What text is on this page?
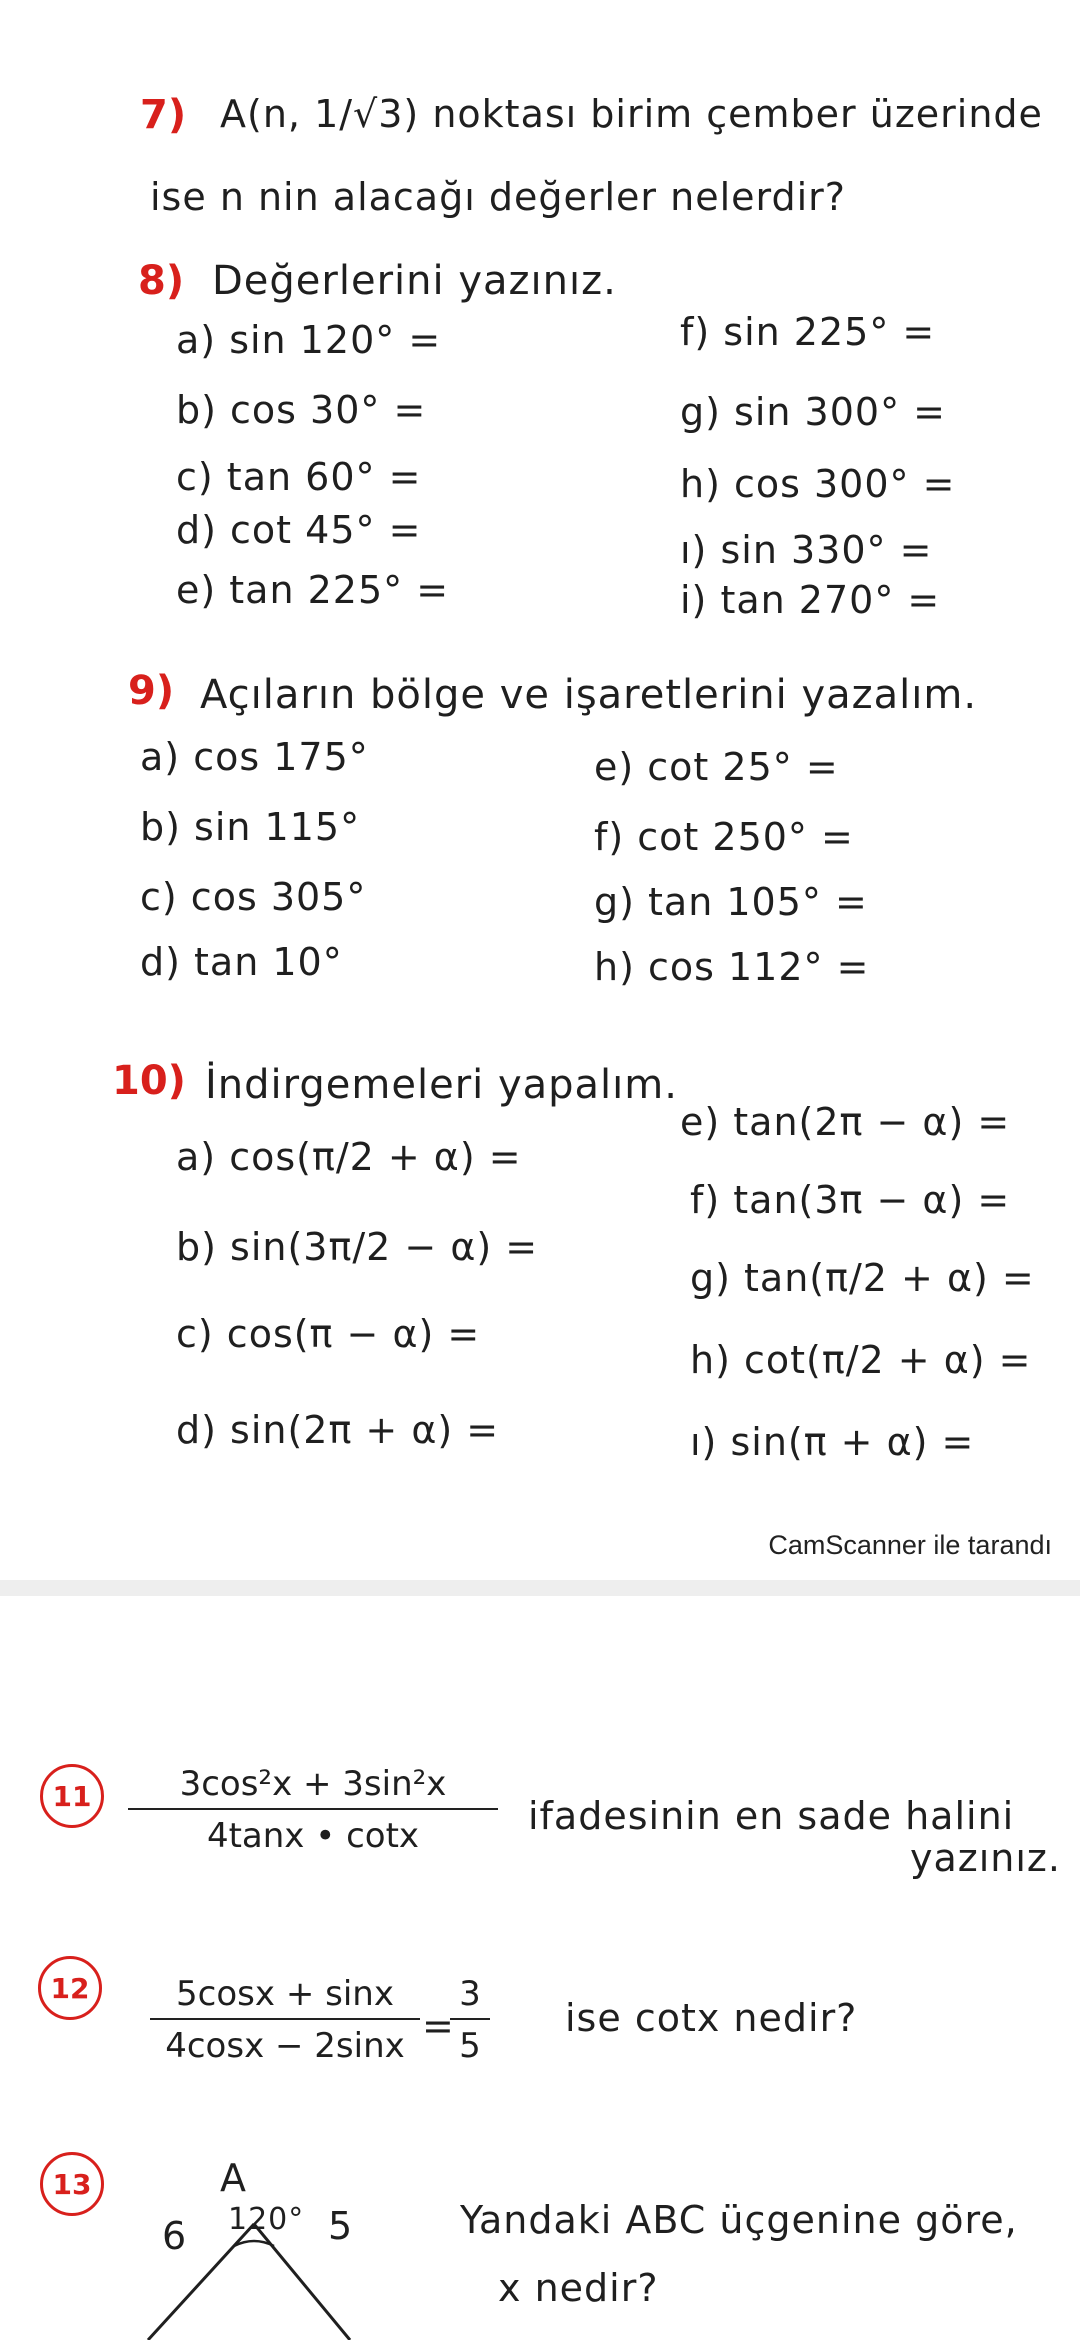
7) A(n, 1/√3) noktası birim çember üzerinde
ise n nin alacağı değerler nelerdir?
8) Değerlerini yazınız.
a) sin 120° =
b) cos 30° =
c) tan 60° =
d) cot 45° =
e) tan 225° =
f) sin 225° =
g) sin 300° =
h) cos 300° =
ı) sin 330° =
i) tan 270° =
9) Açıların bölge ve işaretlerini yazalım.
a) cos 175°
b) sin 115°
c) cos 305°
d) tan 10°
e) cot 25° =
f) cot 250° =
g) tan 105° =
h) cos 112° =
10) İndirgemeleri yapalım.
a) cos(π/2 + α) =
b) sin(3π/2 − α) =
c) cos(π − α) =
d) sin(2π + α) =
e) tan(2π − α) =
f) tan(3π − α) =
g) tan(π/2 + α) =
h) cot(π/2 + α) =
ı) sin(π + α) =
CamScanner ile tarandı
11	$\frac{\text{3cos²x + 3sin²x}}{4\tan x • \cot x}$ ifadesinin en sade halini
yazınız.
12	$\frac{5\cos x + \sin x}{4\cos x - 2\sin x}$ =
$\frac{3}{5}$ ise cotx nedir?
13	A
120°
6	5	Yandaki ABC üçgenine göre,
x nedir?
